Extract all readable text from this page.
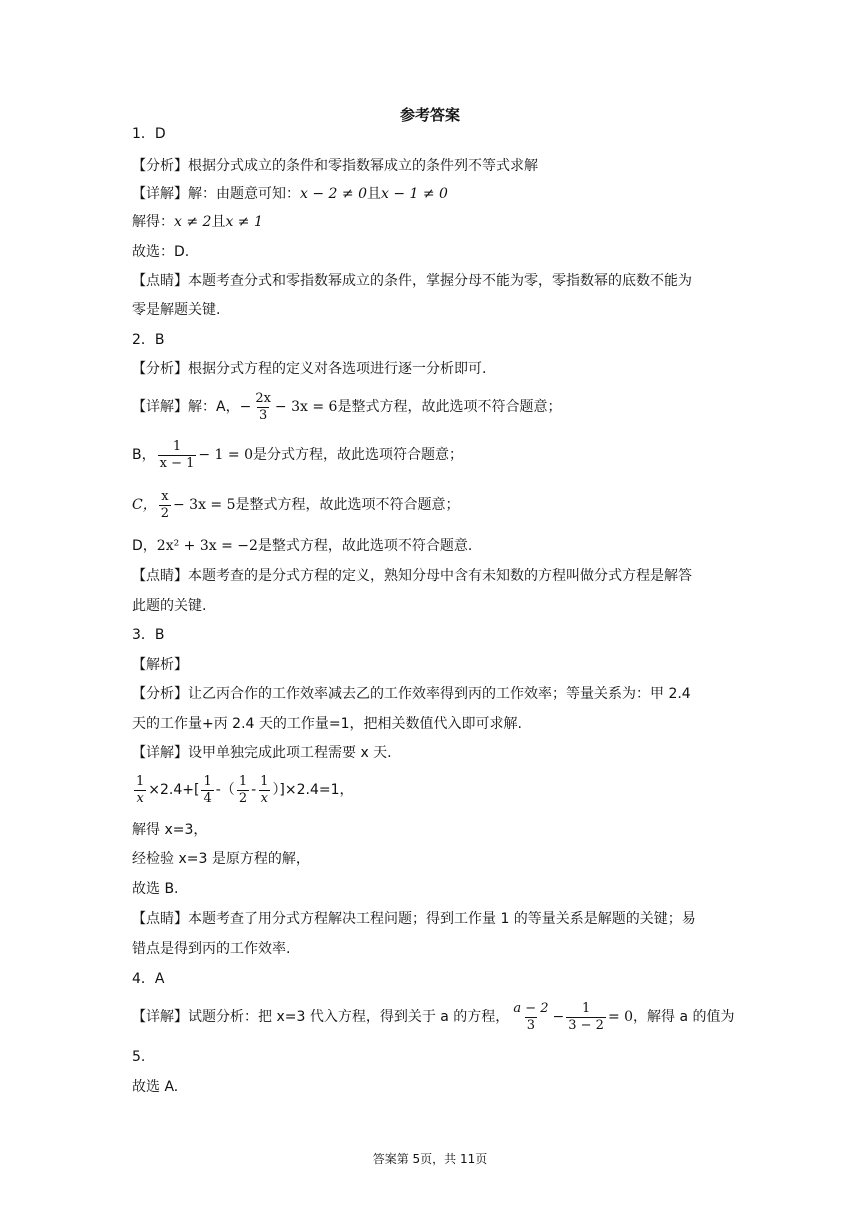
参考答案
1．D
【分析】根据分式成立的条件和零指数幂成立的条件列不等式求解
【详解】解：由题意可知：x − 2 ≠ 0且x − 1 ≠ 0
解得：x ≠ 2且x ≠ 1
故选：D.
【点睛】本题考查分式和零指数幂成立的条件，掌握分母不能为零，零指数幂的底数不能为
零是解题关键.
2．B
【分析】根据分式方程的定义对各选项进行逐一分析即可.
【详解】解：A，− $\frac{2x}{3} - 3x = 6$是整式方程，故此选项不符合题意；
B， $\frac{1}{x - 1} - 1 = 0$是分式方程，故此选项符合题意；
C， $\frac{x}{2} - 3x = 5$是整式方程，故此选项不符合题意；
D，2x² + 3x = −2是整式方程，故此选项不符合题意.
【点睛】本题考查的是分式方程的定义，熟知分母中含有未知数的方程叫做分式方程是解答
此题的关键.
3．B
【解析】
【分析】让乙丙合作的工作效率减去乙的工作效率得到丙的工作效率；等量关系为：甲 2.4
天的工作量+丙 2.4 天的工作量=1，把相关数值代入即可求解.
【详解】设甲单独完成此项工程需要 x 天.
$\frac{1}{x} \times 2.4+[ \frac{1}{4}$ -（ $\frac{1}{2} - \frac{1}{x} )]\times 2.4=1$，
解得 x=3，
经检验 x=3 是原方程的解，
故选 B.
【点睛】本题考查了用分式方程解决工程问题；得到工作量 1 的等量关系是解题的关键；易
错点是得到丙的工作效率.
4．A
【详解】试题分析：把 x=3 代入方程，得到关于 a 的方程， $\frac{a - 2}{3} - \frac{1}{3 - 2} = 0$，解得 a 的值为
5.
故选 A.
答案第 5页，共 11页
